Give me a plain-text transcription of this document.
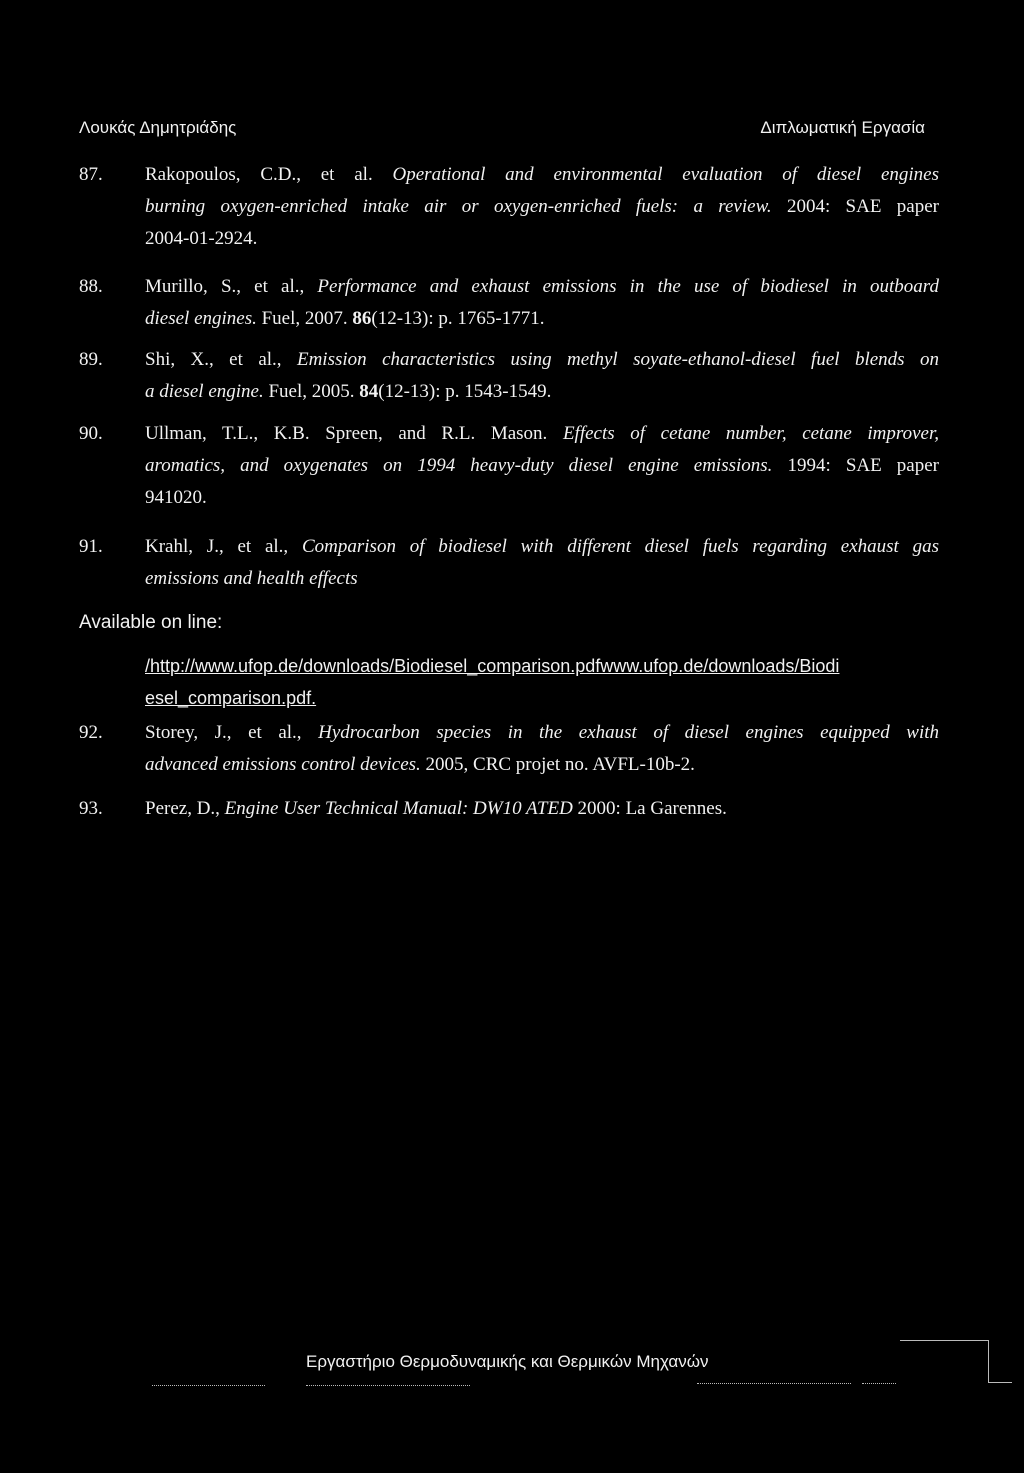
Λουκάς Δημητριάδης	Διπλωματική Εργασία
87.	Rakopoulos, C.D., et al. Operational and environmental evaluation of diesel engines
burning oxygen-enriched intake air or oxygen-enriched fuels: a review. 2004: SAE paper
2004-01-2924.
88.	Murillo, S., et al., Performance and exhaust emissions in the use of biodiesel in outboard
diesel engines. Fuel, 2007. 86(12-13): p. 1765-1771.
89.	Shi, X., et al., Emission characteristics using methyl soyate-ethanol-diesel fuel blends on
a diesel engine. Fuel, 2005. 84(12-13): p. 1543-1549.
90.	Ullman, T.L., K.B. Spreen, and R.L. Mason. Effects of cetane number, cetane improver,
aromatics, and oxygenates on 1994 heavy-duty diesel engine emissions. 1994: SAE paper
941020.
91.	Krahl, J., et al., Comparison of biodiesel with different diesel fuels regarding exhaust gas
emissions and health effects
Available on line:
/http://www.ufop.de/downloads/Biodiesel_comparison.pdfwww.ufop.de/downloads/Biodi
esel_comparison.pdf.
92.	Storey, J., et al., Hydrocarbon species in the exhaust of diesel engines equipped with
advanced emissions control devices. 2005, CRC projet no. AVFL-10b-2.
93.	Perez, D., Engine User Technical Manual: DW10 ATED 2000: La Garennes.
Εργαστήριο Θερμοδυναμικής και Θερμικών Μηχανών
